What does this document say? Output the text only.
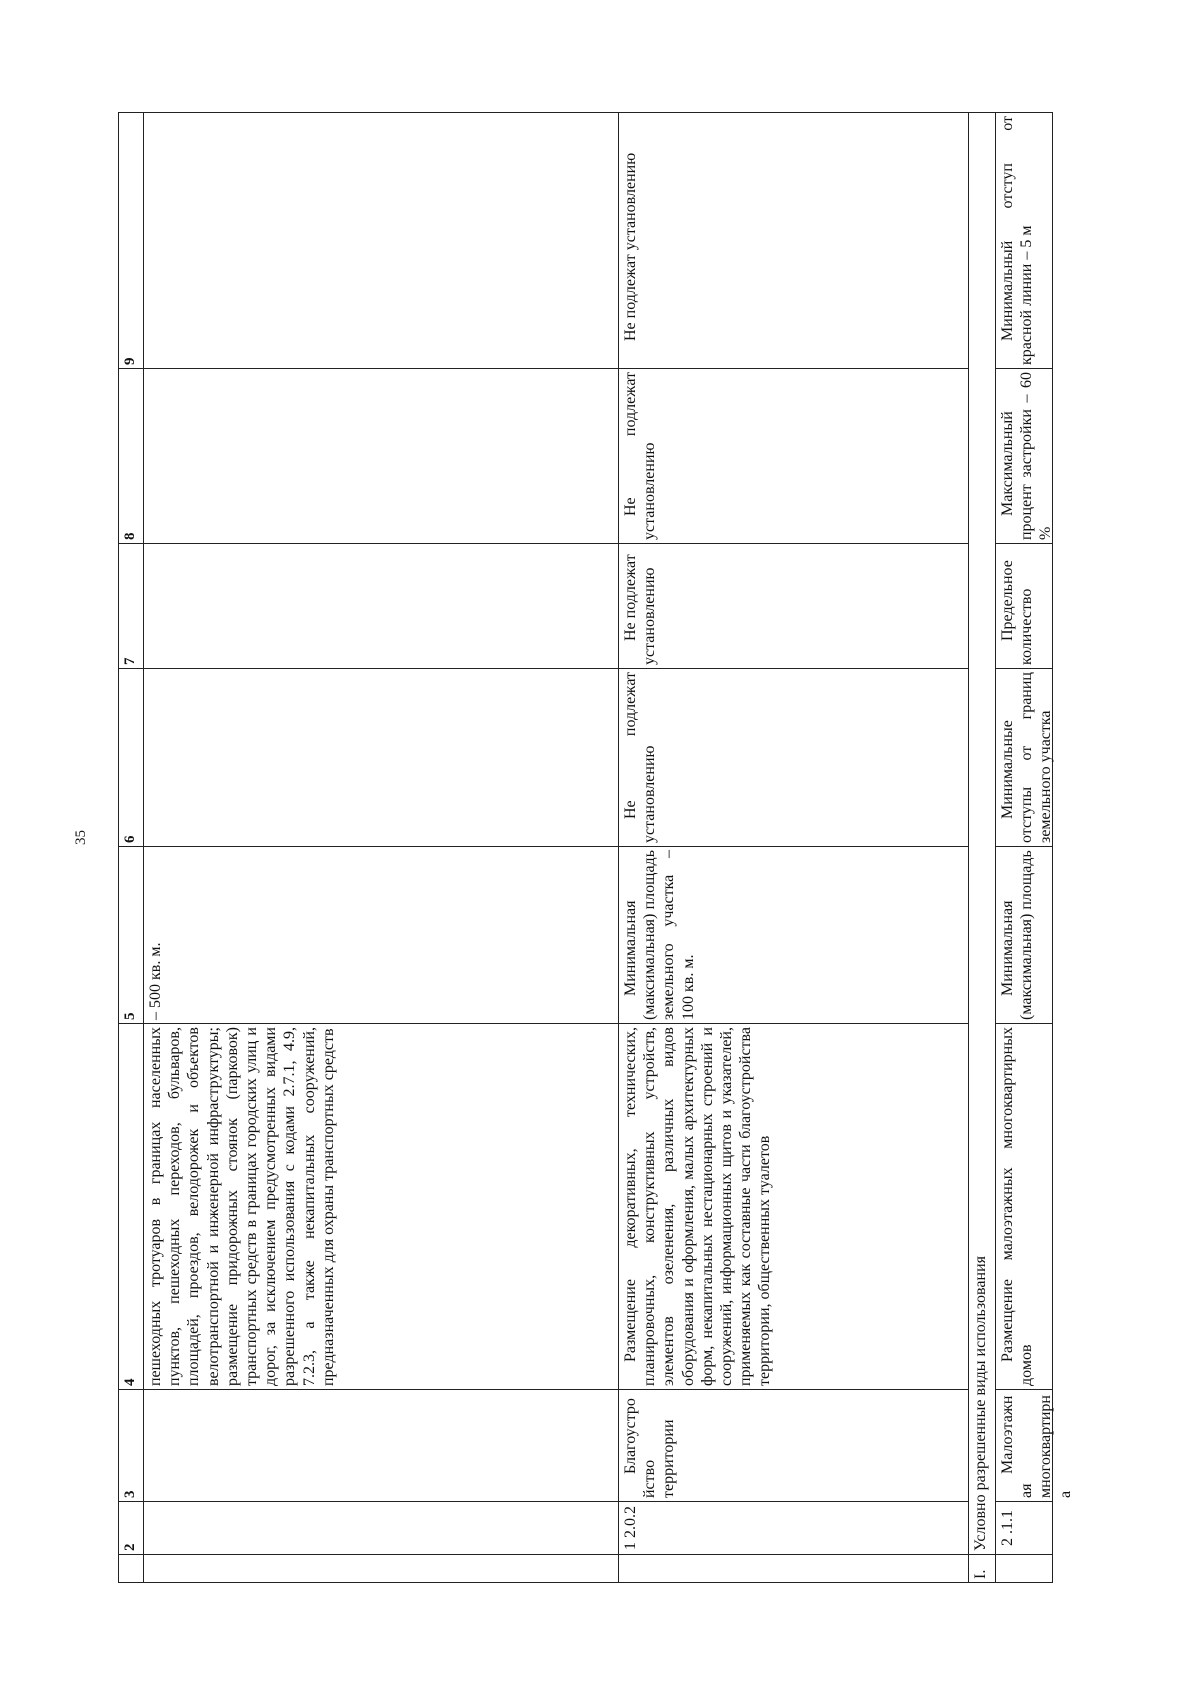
35
	2	3	4	5	6	7	8	9
			пешеходных тротуаров в границах населенных пунктов, пешеходных переходов, бульваров, площадей, проездов, велодорожек и объектов велотранспортной и инженерной инфраструктуры; размещение придорожных стоянок (парковок) транспортных средств в границах городских улиц и дорог, за исключением предусмотренных видами разрешенного использования с кодами 2.7.1, 4.9, 7.2.3, а также некапитальных сооружений, предназначенных для охраны транспортных средств	– 500 кв. м.				
	1 2.0.2	Благоустройство территории	Размещение декоративных, технических, планировочных, конструктивных устройств, элементов озеленения, различных видов оборудования и оформления, малых архитектурных форм, некапитальных нестационарных строений и сооружений, информационных щитов и указателей, применяемых как составные части благоустройства территории, общественных туалетов	Минимальная (максимальная) площадь земельного участка – 100 кв. м.	Не подлежат установлению	Не подлежат установлению	Не подлежат установлению	Не подлежат установлению
I.	Условно разрешенные виды использования							

	2 .1.1	Малоэтажная многоквартирна	Размещение малоэтажных многоквартирных домов	Минимальная (максимальная) площадь	Минимальные отступы от границ земельного участка	Предельное количество	Максимальный процент застройки – 60 %	Минимальный отступ от красной линии – 5 м
